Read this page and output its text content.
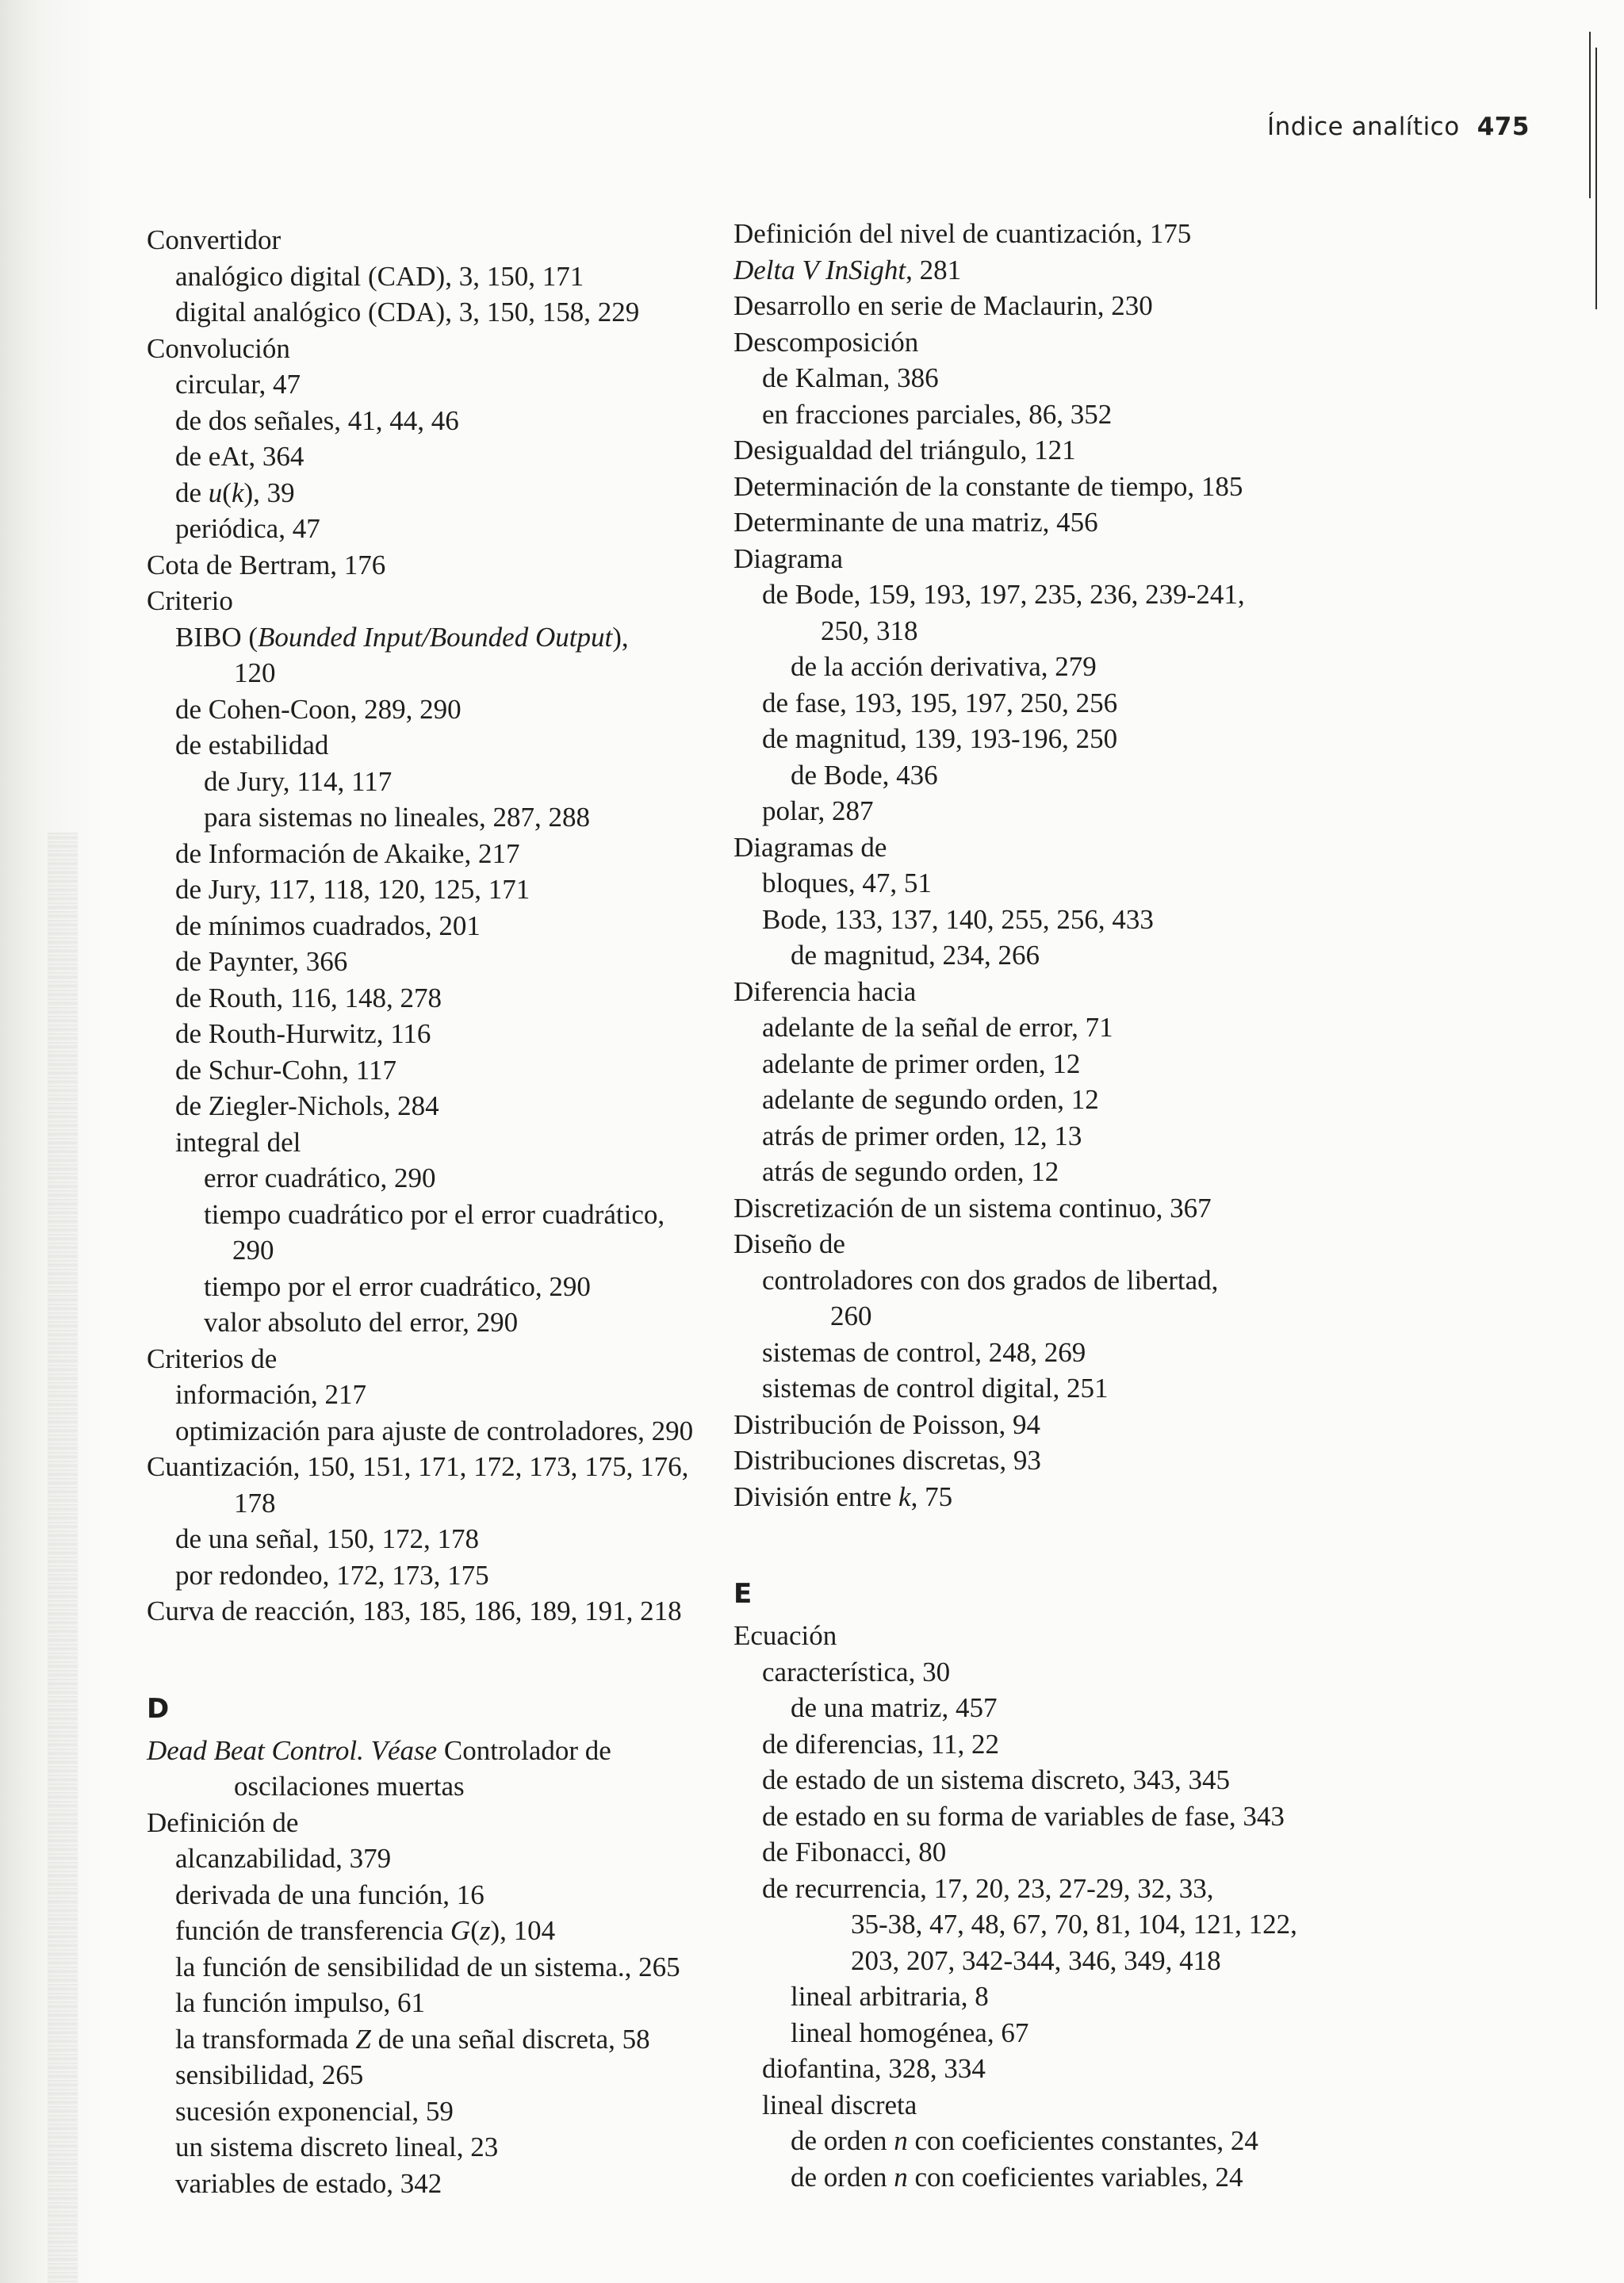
Índice analítico 475
Convertidor
analógico digital (CAD), 3, 150, 171
digital analógico (CDA), 3, 150, 158, 229
Convolución
circular, 47
de dos señales, 41, 44, 46
de eAt, 364
de u(k), 39
periódica, 47
Cota de Bertram, 176
Criterio
BIBO (Bounded Input/Bounded Output),
120
de Cohen-Coon, 289, 290
de estabilidad
de Jury, 114, 117
para sistemas no lineales, 287, 288
de Información de Akaike, 217
de Jury, 117, 118, 120, 125, 171
de mínimos cuadrados, 201
de Paynter, 366
de Routh, 116, 148, 278
de Routh-Hurwitz, 116
de Schur-Cohn, 117
de Ziegler-Nichols, 284
integral del
error cuadrático, 290
tiempo cuadrático por el error cuadrático,
290
tiempo por el error cuadrático, 290
valor absoluto del error, 290
Criterios de
información, 217
optimización para ajuste de controladores, 290
Cuantización, 150, 151, 171, 172, 173, 175, 176,
178
de una señal, 150, 172, 178
por redondeo, 172, 173, 175
Curva de reacción, 183, 185, 186, 189, 191, 218
D
Dead Beat Control. Véase Controlador de
oscilaciones muertas
Definición de
alcanzabilidad, 379
derivada de una función, 16
función de transferencia G(z), 104
la función de sensibilidad de un sistema., 265
la función impulso, 61
la transformada Z de una señal discreta, 58
sensibilidad, 265
sucesión exponencial, 59
un sistema discreto lineal, 23
variables de estado, 342
Definición del nivel de cuantización, 175
Delta V InSight, 281
Desarrollo en serie de Maclaurin, 230
Descomposición
de Kalman, 386
en fracciones parciales, 86, 352
Desigualdad del triángulo, 121
Determinación de la constante de tiempo, 185
Determinante de una matriz, 456
Diagrama
de Bode, 159, 193, 197, 235, 236, 239-241,
250, 318
de la acción derivativa, 279
de fase, 193, 195, 197, 250, 256
de magnitud, 139, 193-196, 250
de Bode, 436
polar, 287
Diagramas de
bloques, 47, 51
Bode, 133, 137, 140, 255, 256, 433
de magnitud, 234, 266
Diferencia hacia
adelante de la señal de error, 71
adelante de primer orden, 12
adelante de segundo orden, 12
atrás de primer orden, 12, 13
atrás de segundo orden, 12
Discretización de un sistema continuo, 367
Diseño de
controladores con dos grados de libertad,
260
sistemas de control, 248, 269
sistemas de control digital, 251
Distribución de Poisson, 94
Distribuciones discretas, 93
División entre k, 75
E
Ecuación
característica, 30
de una matriz, 457
de diferencias, 11, 22
de estado de un sistema discreto, 343, 345
de estado en su forma de variables de fase, 343
de Fibonacci, 80
de recurrencia, 17, 20, 23, 27-29, 32, 33,
35-38, 47, 48, 67, 70, 81, 104, 121, 122,
203, 207, 342-344, 346, 349, 418
lineal arbitraria, 8
lineal homogénea, 67
diofantina, 328, 334
lineal discreta
de orden n con coeficientes constantes, 24
de orden n con coeficientes variables, 24
